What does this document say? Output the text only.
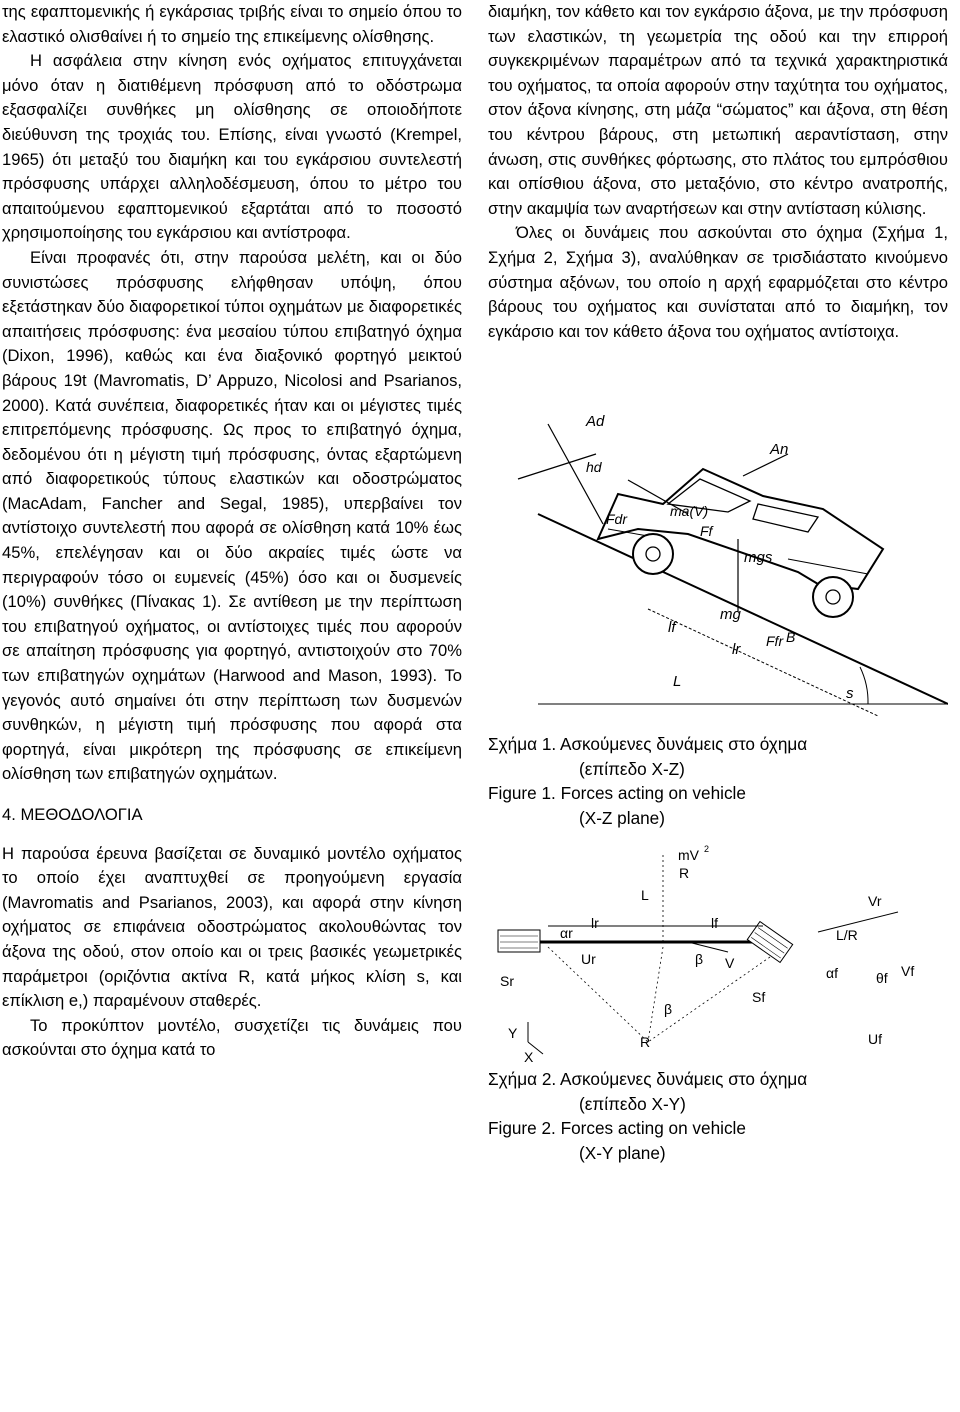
της εφαπτομενικής ή εγκάρσιας τριβής είναι το σημείο όπου το ελαστικό ολισθαίνει ή το σημείο της επικείμενης ολίσθησης.

Η ασφάλεια στην κίνηση ενός οχήματος επιτυγχάνεται μόνο όταν η διατιθέμενη πρόσφυση από το οδόστρωμα εξασφαλίζει συνθήκες μη ολίσθησης σε οποιοδήποτε διεύθυνση της τροχιάς του. Επίσης, είναι γνωστό (Krempel, 1965) ότι μεταξύ του διαμήκη και του εγκάρσιου συντελεστή πρόσφυσης υπάρχει αλληλοδέσμευση, όπου το μέτρο του απαιτούμενου εφαπτομενικού εξαρτάται από το ποσοστό χρησιμοποίησης του εγκάρσιου και αντίστροφα.

Είναι προφανές ότι, στην παρούσα μελέτη, και οι δύο συνιστώσες πρόσφυσης ελήφθησαν υπόψη, όπου εξετάστηκαν δύο διαφορετικοί τύποι οχημάτων με διαφορετικές απαιτήσεις πρόσφυσης: ένα μεσαίου τύπου επιβατηγό όχημα (Dixon, 1996), καθώς και ένα διαξονικό φορτηγό μεικτού βάρους 19t (Mavromatis, D’ Appuzo, Nicolosi and Psarianos, 2000). Κατά συνέπεια, διαφορετικές ήταν και οι μέγιστες τιμές επιτρεπόμενης πρόσφυσης. Ως προς το επιβατηγό όχημα, δεδομένου ότι η μέγιστη τιμή πρόσφυσης, όντας εξαρτώμενη από διαφορετικούς τύπους ελαστικών και οδοστρώματος (MacAdam, Fancher and Segal, 1985), υπερβαίνει τον αντίστοιχο συντελεστή που αφορά σε ολίσθηση κατά 10% έως 45%, επελέγησαν και οι δύο ακραίες τιμές ώστε να περιγραφούν τόσο οι ευμενείς (45%) όσο και οι δυσμενείς (10%) συνθήκες (Πίνακας 1). Σε αντίθεση με την περίπτωση του επιβατηγού οχήματος, οι αντίστοιχες τιμές που αφορούν σε απαίτηση πρόσφυσης για φορτηγό, αντιστοιχούν στο 70% των επιβατηγών οχημάτων (Harwood and Mason, 1993). Το γεγονός αυτό σημαίνει ότι στην περίπτωση των δυσμενών συνθηκών, η μέγιστη τιμή πρόσφυσης που αφορά στα φορτηγά, είναι μικρότερη της πρόσφυσης σε επικείμενη ολίσθηση των επιβατηγών οχημάτων.

4. ΜΕΘΟΔΟΛΟΓΙΑ

Η παρούσα έρευνα βασίζεται σε δυναμικό μοντέλο οχήματος το οποίο έχει αναπτυχθεί σε προηγούμενη εργασία (Mavromatis and Psarianos, 2003), και αφορά στην κίνηση οχήματος σε επιφάνεια οδοστρώματος ακολουθώντας τον άξονα της οδού, στον οποίο και οι τρεις βασικές γεωμετρικές παράμετροι (οριζόντια ακτίνα R, κατά μήκος κλίση s, και επίκλιση e,) παραμένουν σταθερές.

Το προκύπτον μοντέλο, συσχετίζει τις δυνάμεις που ασκούνται στο όχημα κατά το

διαμήκη, τον κάθετο και τον εγκάρσιο άξονα, με την πρόσφυση των ελαστικών, τη γεωμετρία της οδού και την επιρροή συγκεκριμένων παραμέτρων από τα τεχνικά χαρακτηριστικά του οχήματος, τα οποία αφορούν στην ταχύτητα του οχήματος, στον άξονα κίνησης, στη μάζα “σώματος” και άξονα, στη θέση του κέντρου βάρους, στη μετωπική αεραντίσταση, στην άνωση, στις συνθήκες φόρτωσης, στο πλάτος του εμπρόσθιου και οπίσθιου άξονα, στο μεταξόνιο, στο κέντρο ανατροπής, στην ακαμψία των αναρτήσεων και στην αντίσταση κύλισης.

Όλες οι δυνάμεις που ασκούνται στο όχημα (Σχήμα 1, Σχήμα 2, Σχήμα 3), αναλύθηκαν σε τρισδιάστατο κινούμενο σύστημα αξόνων, του οποίο η αρχή εφαρμόζεται στο κέντρο βάρους του οχήματος και συνίσταται από το διαμήκη, τον εγκάρσιο και τον κάθετο άξονα του οχήματος αντίστοιχα.

Ad
hd
Fdr	ma(V)
An
Ff
mgs
lf
mg
lr Ffr B
L
s
Σχήμα 1. Ασκούμενες δυνάμεις στο όχημα
(επίπεδο X-Z)
Figure 1. Forces acting on vehicle
(X-Z plane)
mV 2
R
L	Vr
αr
lr	lf
L/R
Sr
Ur	β V
αf	θf Vf
β
Sf
Y
X
R	Uf
Σχήμα 2. Ασκούμενες δυνάμεις στο όχημα
(επίπεδο X-Y)
Figure 2. Forces acting on vehicle
(X-Y plane)
